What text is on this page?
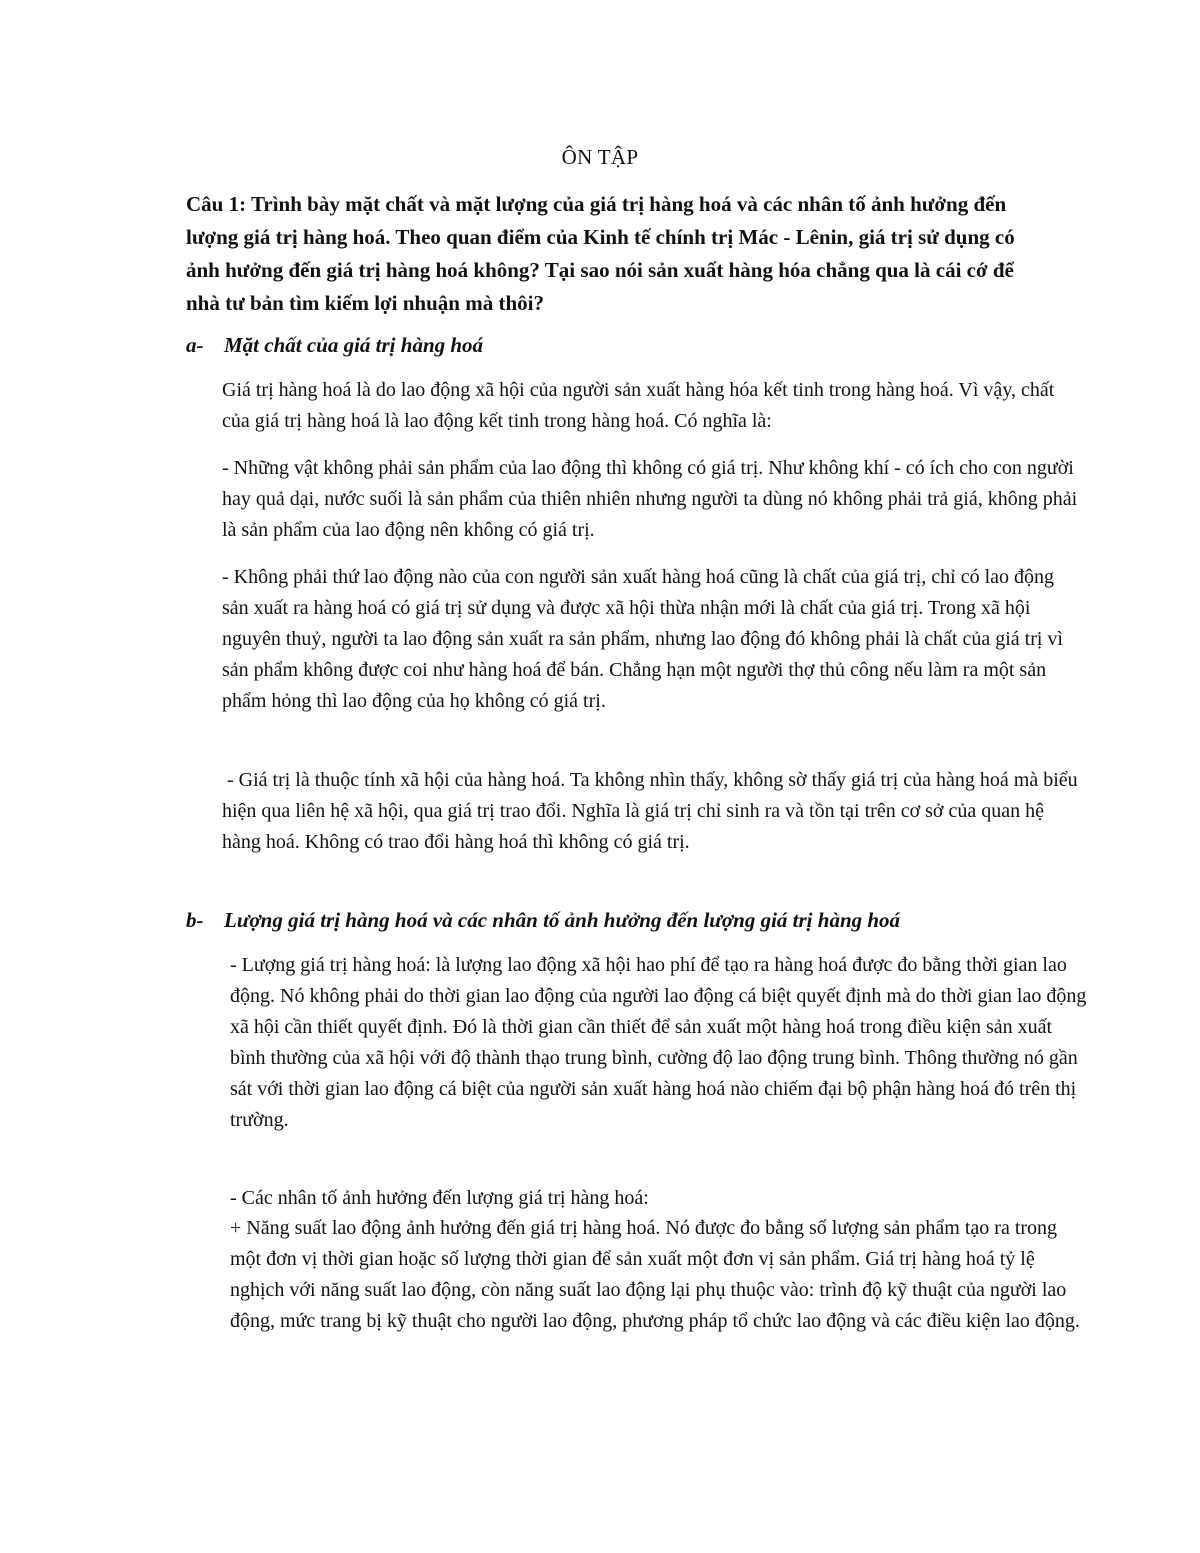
ÔN TẬP
Câu 1: Trình bày mặt chất và mặt lượng của giá trị hàng hoá và các nhân tố ảnh hưởng đến lượng giá trị hàng hoá. Theo quan điểm của Kinh tế chính trị Mác - Lênin, giá trị sử dụng có ảnh hưởng đến giá trị hàng hoá không? Tại sao nói sản xuất hàng hóa chẳng qua là cái cớ để nhà tư bản tìm kiếm lợi nhuận mà thôi?
a- Mặt chất của giá trị hàng hoá
Giá trị hàng hoá là do lao động xã hội của người sản xuất hàng hóa kết tinh trong hàng hoá. Vì vậy, chất của giá trị hàng hoá là lao động kết tinh trong hàng hoá. Có nghĩa là:
- Những vật không phải sản phẩm của lao động thì không có giá trị. Như không khí - có ích cho con người hay quả dại, nước suối là sản phẩm của thiên nhiên nhưng người ta dùng nó không phải trả giá, không phải là sản phẩm của lao động nên không có giá trị.
- Không phải thứ lao động nào của con người sản xuất hàng hoá cũng là chất của giá trị, chỉ có lao động sản xuất ra hàng hoá có giá trị sử dụng và được xã hội thừa nhận mới là chất của giá trị. Trong xã hội nguyên thuỷ, người ta lao động sản xuất ra sản phẩm, nhưng lao động đó không phải là chất của giá trị vì sản phẩm không được coi như hàng hoá để bán. Chẳng hạn một người thợ thủ công nếu làm ra một sản phẩm hỏng thì lao động của họ không có giá trị.
- Giá trị là thuộc tính xã hội của hàng hoá. Ta không nhìn thấy, không sờ thấy giá trị của hàng hoá mà biểu hiện qua liên hệ xã hội, qua giá trị trao đổi. Nghĩa là giá trị chỉ sinh ra và tồn tại trên cơ sở của quan hệ hàng hoá. Không có trao đổi hàng hoá thì không có giá trị.
b- Lượng giá trị hàng hoá và các nhân tố ảnh hưởng đến lượng giá trị hàng hoá
- Lượng giá trị hàng hoá: là lượng lao động xã hội hao phí để tạo ra hàng hoá được đo bằng thời gian lao động. Nó không phải do thời gian lao động của người lao động cá biệt quyết định mà do thời gian lao động xã hội cần thiết quyết định. Đó là thời gian cần thiết để sản xuất một hàng hoá trong điều kiện sản xuất bình thường của xã hội với độ thành thạo trung bình, cường độ lao động trung bình. Thông thường nó gần sát với thời gian lao động cá biệt của người sản xuất hàng hoá nào chiếm đại bộ phận hàng hoá đó trên thị trường.
- Các nhân tố ảnh hưởng đến lượng giá trị hàng hoá:
+ Năng suất lao động ảnh hưởng đến giá trị hàng hoá. Nó được đo bằng số lượng sản phẩm tạo ra trong một đơn vị thời gian hoặc số lượng thời gian để sản xuất một đơn vị sản phẩm. Giá trị hàng hoá tỷ lệ nghịch với năng suất lao động, còn năng suất lao động lại phụ thuộc vào: trình độ kỹ thuật của người lao động, mức trang bị kỹ thuật cho người lao động, phương pháp tổ chức lao động và các điều kiện lao động.
